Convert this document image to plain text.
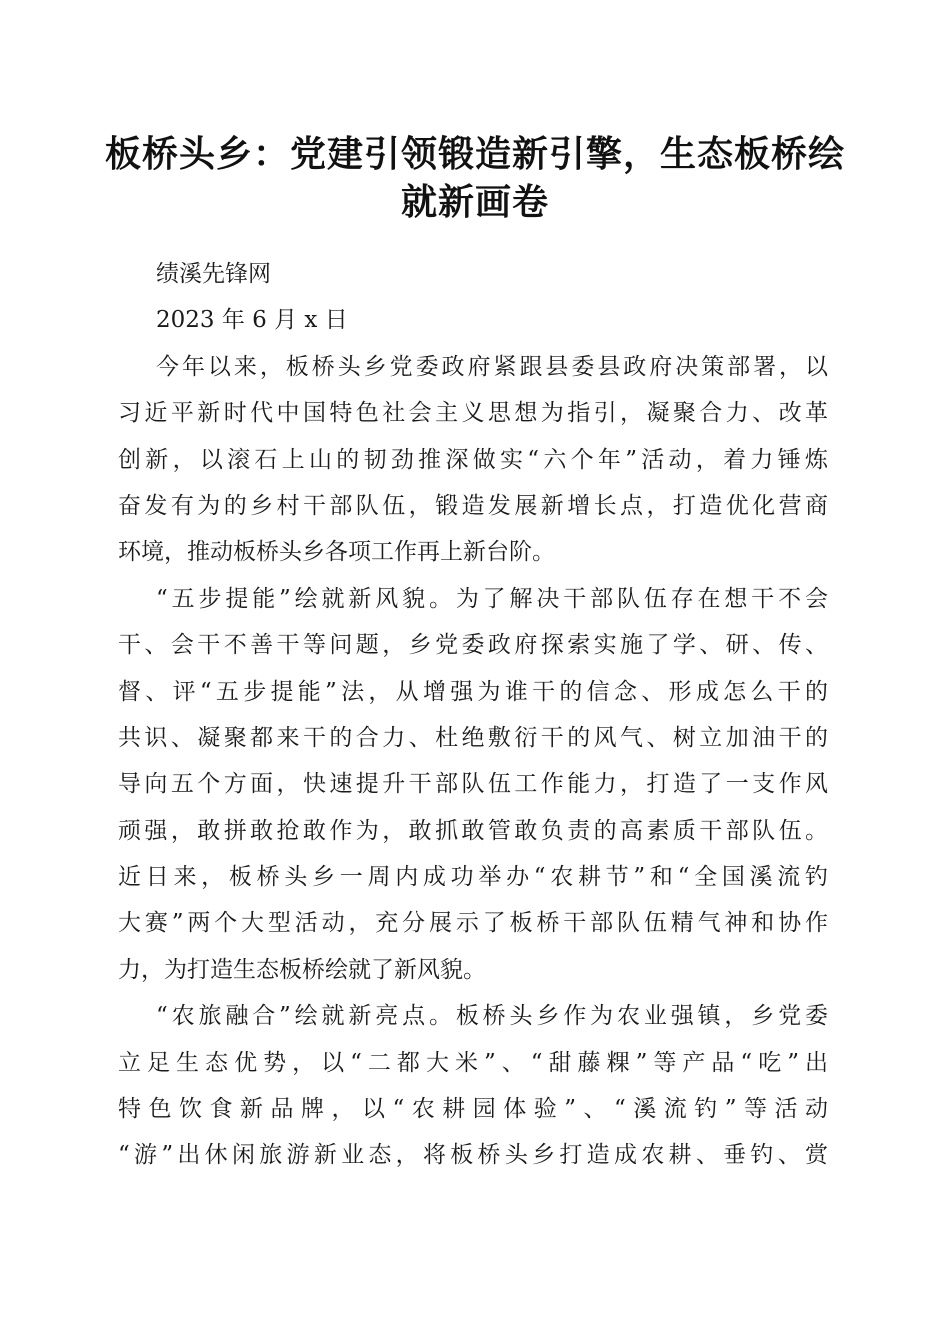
板桥头乡：党建引领锻造新引擎，生态板桥绘
就新画卷
绩溪先锋网
2023 年 6 月 x 日
今年以来，板桥头乡党委政府紧跟县委县政府决策部署，以
习近平新时代中国特色社会主义思想为指引，凝聚合力、改革
创新，以滚石上山的韧劲推深做实“六个年”活动，着力锤炼
奋发有为的乡村干部队伍，锻造发展新增长点，打造优化营商
环境，推动板桥头乡各项工作再上新台阶。
“五步提能”绘就新风貌。为了解决干部队伍存在想干不会
干、会干不善干等问题，乡党委政府探索实施了学、研、传、
督、评“五步提能”法，从增强为谁干的信念、形成怎么干的
共识、凝聚都来干的合力、杜绝敷衍干的风气、树立加油干的
导向五个方面，快速提升干部队伍工作能力，打造了一支作风
顽强，敢拼敢抢敢作为，敢抓敢管敢负责的高素质干部队伍。
近日来，板桥头乡一周内成功举办“农耕节”和“全国溪流钓
大赛”两个大型活动，充分展示了板桥干部队伍精气神和协作
力，为打造生态板桥绘就了新风貌。
“农旅融合”绘就新亮点。板桥头乡作为农业强镇，乡党委
立足生态优势，以“二都大米”、“甜藤粿”等产品“吃”出
特色饮食新品牌，以“农耕园体验”、“溪流钓”等活动
“游”出休闲旅游新业态，将板桥头乡打造成农耕、垂钓、赏
